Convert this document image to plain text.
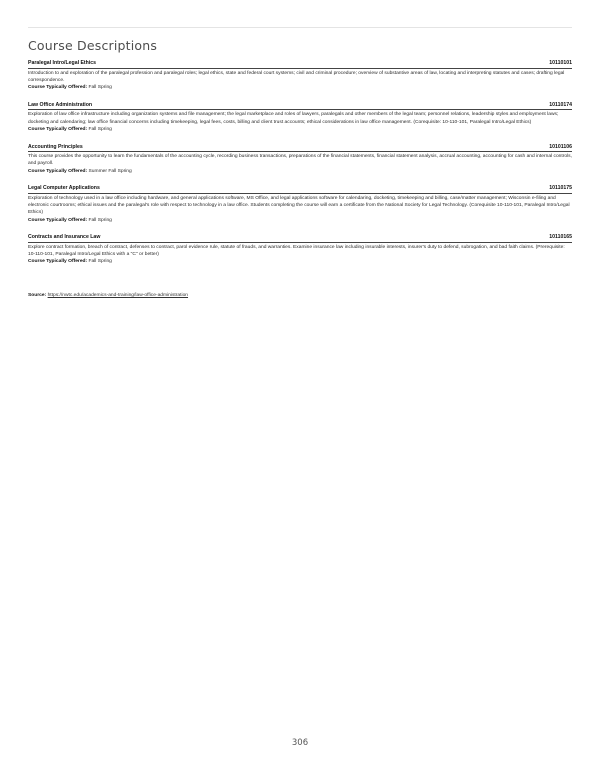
Course Descriptions
Paralegal Intro/Legal Ethics	10110101
Introduction to and exploration of the paralegal profession and paralegal roles; legal ethics, state and federal court systems; civil and criminal procedure; overview of substantive areas of law, locating and interpreting statutes and cases; drafting legal correspondence.
Course Typically Offered: Fall Spring
Law Office Administration	10110174
Exploration of law office infrastructure including organization systems and file management; the legal marketplace and roles of lawyers, paralegals and other members of the legal team; personnel relations, leadership styles and employment laws; docketing and calendaring; law office financial concerns including timekeeping, legal fees, costs, billing and client trust accounts; ethical considerations in law office management. (Corequisite: 10-110-101, Paralegal Intro/Legal Ethics)
Course Typically Offered: Fall Spring
Accounting Principles	10101106
This course provides the opportunity to learn the fundamentals of the accounting cycle, recording business transactions, preparations of the financial statements, financial statement analysis, accrual accounting, accounting for cash and internal controls, and payroll.
Course Typically Offered: Summer Fall Spring
Legal Computer Applications	10110175
Exploration of technology used in a law office including hardware, and general applications software, MS Office, and legal applications software for calendaring, docketing, timekeeping and billing, case/matter management; Wisconsin e-filing and electronic courtrooms; ethical issues and the paralegal's role with respect to technology in a law office. Students completing the course will earn a certificate from the National Society for Legal Technology. (Corequisite 10-110-101, Paralegal Intro/Legal Ethics)
Course Typically Offered: Fall Spring
Contracts and Insurance Law	10110165
Explore contract formation, breach of contract, defenses to contract, parol evidence rule, statute of frauds, and warranties. Examine insurance law including insurable interests, insurer's duty to defend, subrogation, and bad faith claims. (Prerequisite: 10-110-101, Paralegal Intro/Legal Ethics with a "C" or better)
Course Typically Offered: Fall Spring
Source: https://nwtc.edu/academics-and-training/law-office-administration
306
